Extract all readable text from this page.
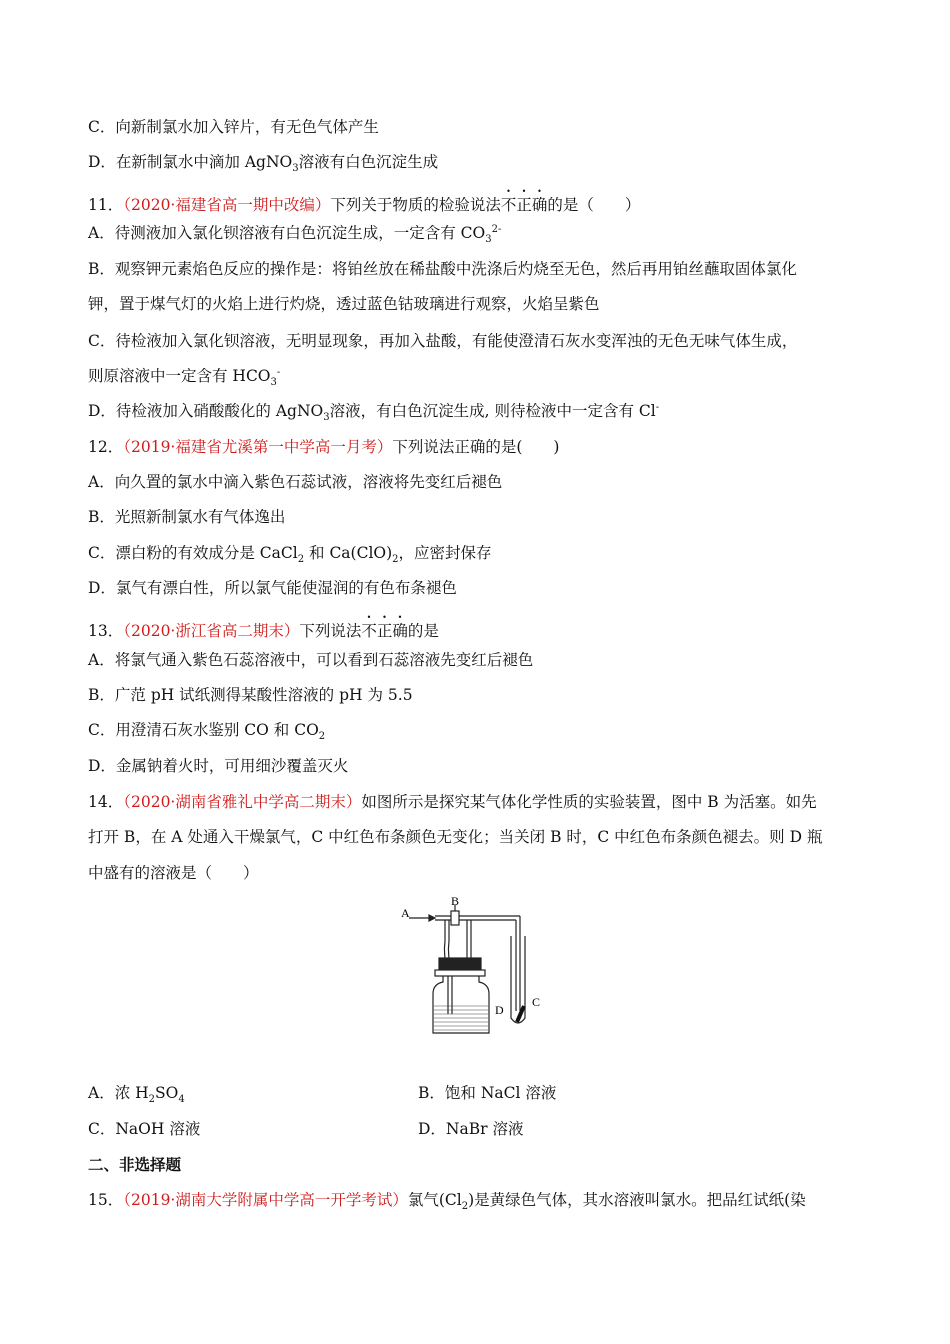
C．向新制氯水加入锌片，有无色气体产生
D．在新制氯水中滴加 AgNO$_3$溶液有白色沉淀生成
11．（2020·福建省高一期中改编）下列关于物质的检验说法不正确的是（　　）
A．待测液加入氯化钡溶液有白色沉淀生成，一定含有 $CO_3^{2-}$
B．观察钾元素焰色反应的操作是：将铂丝放在稀盐酸中洗涤后灼烧至无色，然后再用铂丝蘸取固体氯化
钾，置于煤气灯的火焰上进行灼烧，透过蓝色钴玻璃进行观察，火焰呈紫色
C．待检液加入氯化钡溶液，无明显现象，再加入盐酸，有能使澄清石灰水变浑浊的无色无味气体生成，
则原溶液中一定含有 $HCO_3^-$
D．待检液加入硝酸酸化的 AgNO$_3$溶液，有白色沉淀生成, 则待检液中一定含有 Cl-
12．（2019·福建省尤溪第一中学高一月考）下列说法正确的是(　　)
A．向久置的氯水中滴入紫色石蕊试液，溶液将先变红后褪色
B．光照新制氯水有气体逸出
C．漂白粉的有效成分是 CaCl$_2$ 和 $Ca(ClO)_2$，应密封保存
D．氯气有漂白性，所以氯气能使湿润的有色布条褪色
13．（2020·浙江省高二期末）下列说法不正确的是
A．将氯气通入紫色石蕊溶液中，可以看到石蕊溶液先变红后褪色
B．广范 pH 试纸测得某酸性溶液的 pH 为 5.5
C．用澄清石灰水鉴别 CO 和 $CO_2$
D．金属钠着火时，可用细沙覆盖灭火
14．（2020·湖南省雅礼中学高二期末）如图所示是探究某气体化学性质的实验装置，图中 B 为活塞。如先
打开 B，在 A 处通入干燥氯气，C 中红色布条颜色无变化；当关闭 B 时，C 中红色布条颜色褪去。则 D 瓶
中盛有的溶液是（　　）
A
B
C
D
A．浓 $H_2SO_4$	B．饱和 NaCl 溶液
C．NaOH 溶液	D．NaBr 溶液
二、非选择题
15．（2019·湖南大学附属中学高一开学考试）氯气$(Cl_2)$是黄绿色气体，其水溶液叫氯水。把品红试纸(染
